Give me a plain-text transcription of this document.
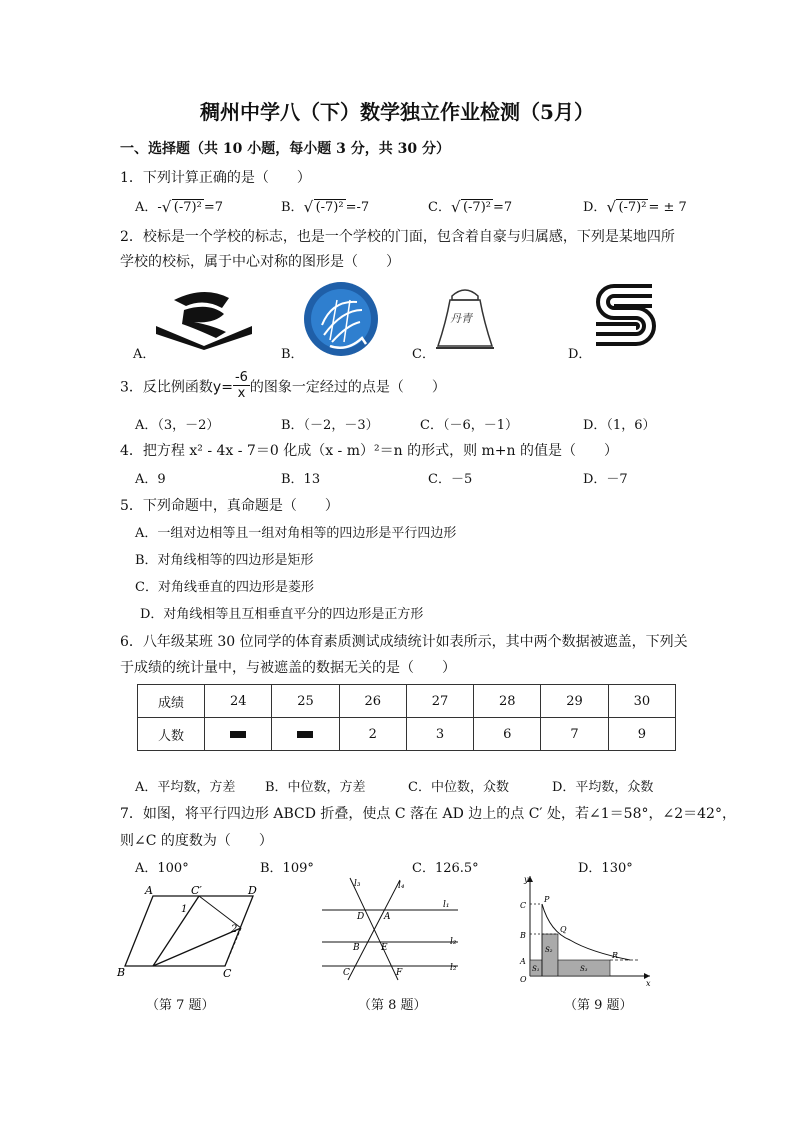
稠州中学八（下）数学独立作业检测（5月）
一、选择题（共 10 小题，每小题 3 分，共 30 分）
1．下列计算正确的是（　　）
A．- √ (-7)² =7	B． √ (-7)² =-7	C． √ (-7)² =7	D． √ (-7)² = ± 7
2．校标是一个学校的标志，也是一个学校的门面，包含着自豪与归属感，下列是某地四所
学校的校标，属于中心对称的图形是（　　）
A．	B．	C．
丹青
D．
3．反比例函数$y= \frac{-6}{x}$ 的图象一定经过的点是（　　）
A．（3，－2）	B．（－2，－3）	C．（－6，－1）	D．（1，6）
4．把方程 x² - 4x - 7＝0 化成（x - m）²＝n 的形式，则 m+n 的值是（　　）
A．9	B．13	C．－5	D．－7
5．下列命题中，真命题是（　　）
A．一组对边相等且一组对角相等的四边形是平行四边形
B．对角线相等的四边形是矩形
C．对角线垂直的四边形是菱形
D．对角线相等且互相垂直平分的四边形是正方形
6．八年级某班 30 位同学的体育素质测试成绩统计如表所示，其中两个数据被遮盖，下列关
于成绩的统计量中，与被遮盖的数据无关的是（　　）
成绩	24	25	26	27	28	29	30
人数			2	3	6	7	9
A．平均数，方差 B．中位数，方差	C．中位数，众数	D．平均数，众数
7．如图，将平行四边形 ABCD 折叠，使点 C 落在 AD 边上的点 C′ 处，若∠1＝58°，∠2＝42°，
则∠C 的度数为（　　）
A．100°	B．109°	C．126.5°	D．130°
A	C′	D
B	C
1
2
（第 7 题）
l₃	l₄
l₁
l₂
l₂
D A
B E
C	F
（第 8 题）
y
C
B
A
O	x
P
Q
R
S₁
S₂
S₃
（第 9 题）
